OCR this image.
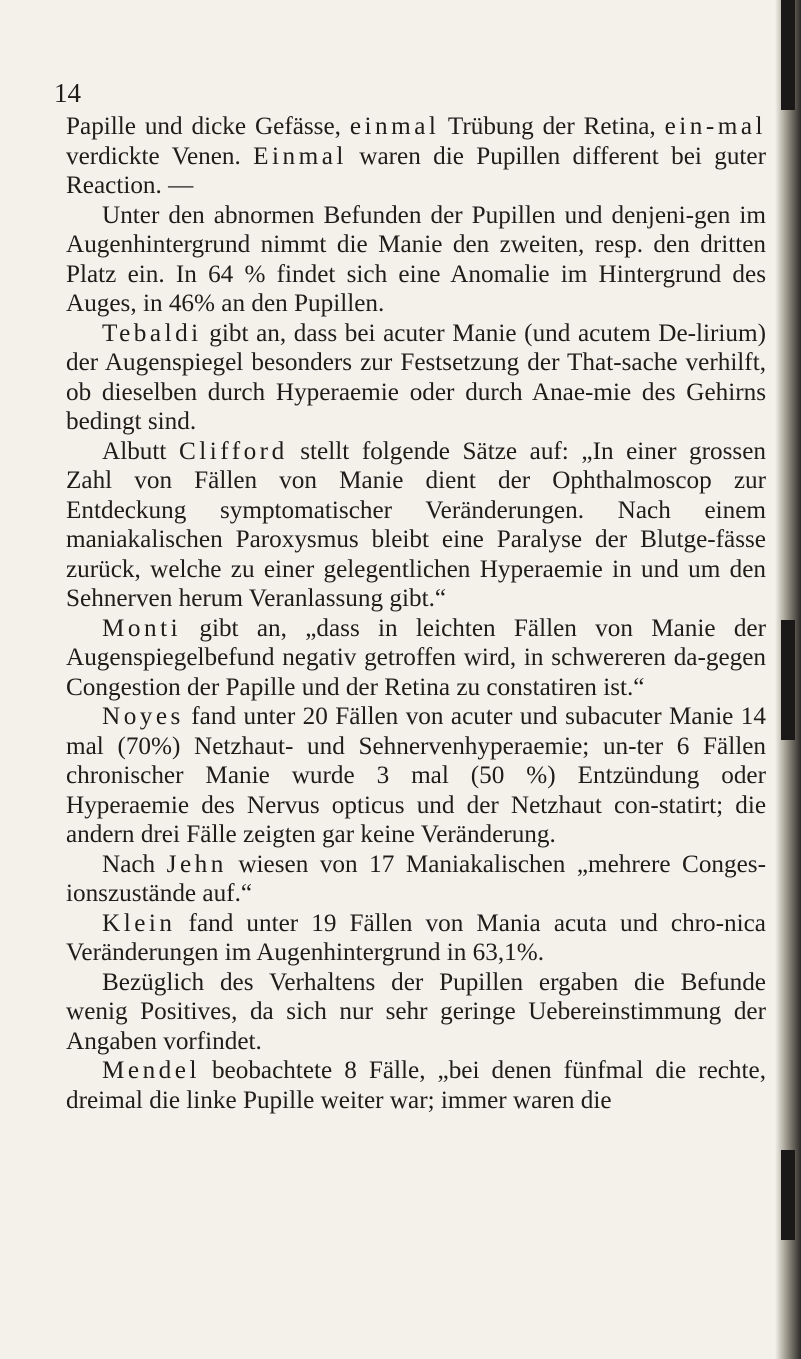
14

Papille und dicke Gefässe, einmal Trübung der Retina, ein-mal verdickte Venen. Einmal waren die Pupillen different bei guter Reaction. —

Unter den abnormen Befunden der Pupillen und denjeni-gen im Augenhintergrund nimmt die Manie den zweiten, resp. den dritten Platz ein. In 64 % findet sich eine Anomalie im Hintergrund des Auges, in 46% an den Pupillen.

Tebaldi gibt an, dass bei acuter Manie (und acutem De-lirium) der Augenspiegel besonders zur Festsetzung der That-sache verhilft, ob dieselben durch Hyperaemie oder durch Anae-mie des Gehirns bedingt sind.

Albutt Clifford stellt folgende Sätze auf: „In einer grossen Zahl von Fällen von Manie dient der Ophthalmoscop zur Entdeckung symptomatischer Veränderungen. Nach einem maniakalischen Paroxysmus bleibt eine Paralyse der Blutge-fässe zurück, welche zu einer gelegentlichen Hyperaemie in und um den Sehnerven herum Veranlassung gibt.“

Monti gibt an, „dass in leichten Fällen von Manie der Augenspiegelbefund negativ getroffen wird, in schwereren da-gegen Congestion der Papille und der Retina zu constatiren ist.“

Noyes fand unter 20 Fällen von acuter und subacuter Manie 14 mal (70%) Netzhaut- und Sehnervenhyperaemie; un-ter 6 Fällen chronischer Manie wurde 3 mal (50 %) Entzündung oder Hyperaemie des Nervus opticus und der Netzhaut con-statirt; die andern drei Fälle zeigten gar keine Veränderung.

Nach Jehn wiesen von 17 Maniakalischen „mehrere Conges-ionszustände auf.“

Klein fand unter 19 Fällen von Mania acuta und chro-nica Veränderungen im Augenhintergrund in 63,1%.

Bezüglich des Verhaltens der Pupillen ergaben die Befunde wenig Positives, da sich nur sehr geringe Uebereinstimmung der Angaben vorfindet.

Mendel beobachtete 8 Fälle, „bei denen fünfmal die rechte, dreimal die linke Pupille weiter war; immer waren die
